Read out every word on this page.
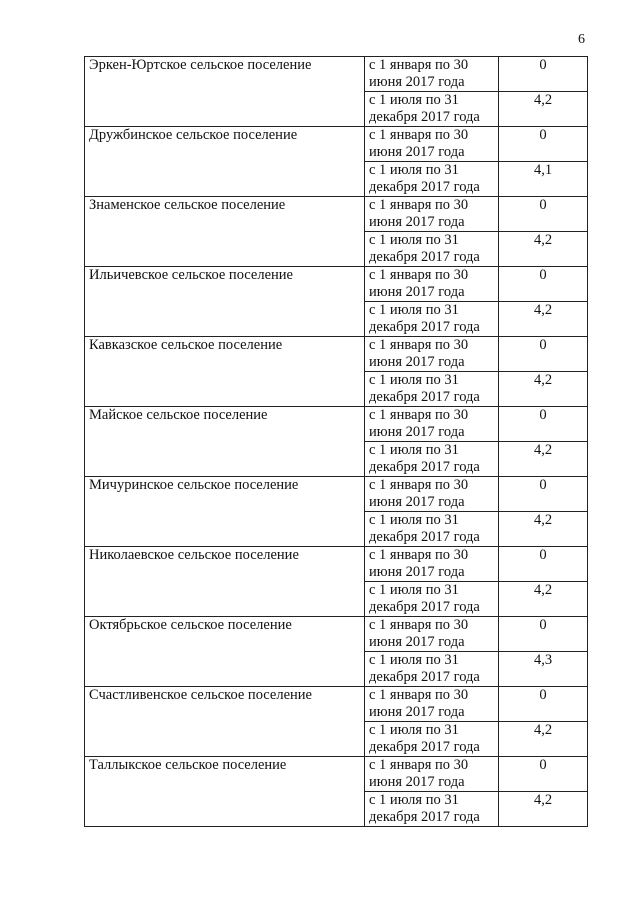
6
Эркен-Юртское сельское поселение	с 1 января по 30 июня 2017 года	0
	с 1 июля по 31 декабря 2017 года	4,2
Дружбинское сельское поселение	с 1 января по 30 июня 2017 года	0
	с 1 июля по 31 декабря 2017 года	4,1
Знаменское сельское поселение	с 1 января по 30 июня 2017 года	0
	с 1 июля по 31 декабря 2017 года	4,2
Ильичевское сельское поселение	с 1 января по 30 июня 2017 года	0
	с 1 июля по 31 декабря 2017 года	4,2
Кавказское сельское поселение	с 1 января по 30 июня 2017 года	0
	с 1 июля по 31 декабря 2017 года	4,2
Майское сельское поселение	с 1 января по 30 июня 2017 года	0
	с 1 июля по 31 декабря 2017 года	4,2
Мичуринское сельское поселение	с 1 января по 30 июня 2017 года	0
	с 1 июля по 31 декабря 2017 года	4,2
Николаевское сельское поселение	с 1 января по 30 июня 2017 года	0
	с 1 июля по 31 декабря 2017 года	4,2
Октябрьское сельское поселение	с 1 января по 30 июня 2017 года	0
	с 1 июля по 31 декабря 2017 года	4,3
Счастливенское сельское поселение	с 1 января по 30 июня 2017 года	0
	с 1 июля по 31 декабря 2017 года	4,2
Таллыкское сельское поселение	с 1 января по 30 июня 2017 года	0
	с 1 июля по 31 декабря 2017 года	4,2
